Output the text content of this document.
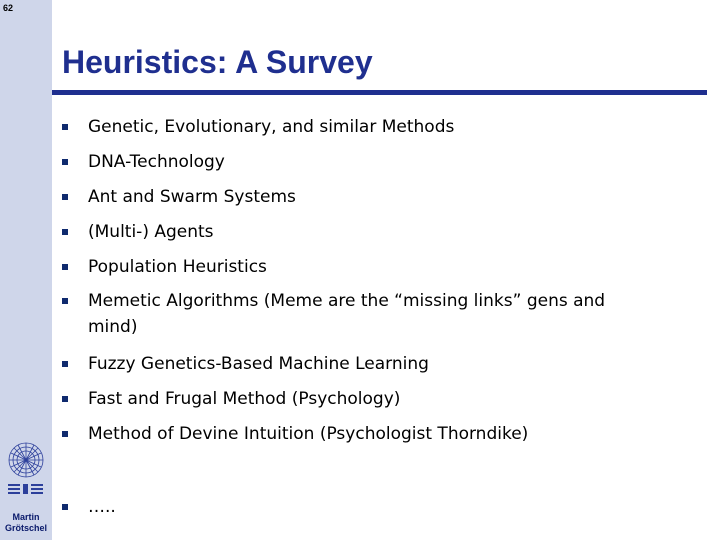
62
Martin
Grötschel
Heuristics: A Survey
Genetic, Evolutionary, and similar Methods
DNA-Technology
Ant and Swarm Systems
(Multi-) Agents
Population Heuristics
Memetic Algorithms (Meme are the “missing links” gens and mind)
Fuzzy Genetics-Based Machine Learning
Fast and Frugal Method (Psychology)
Method of Devine Intuition (Psychologist Thorndike)
…..
